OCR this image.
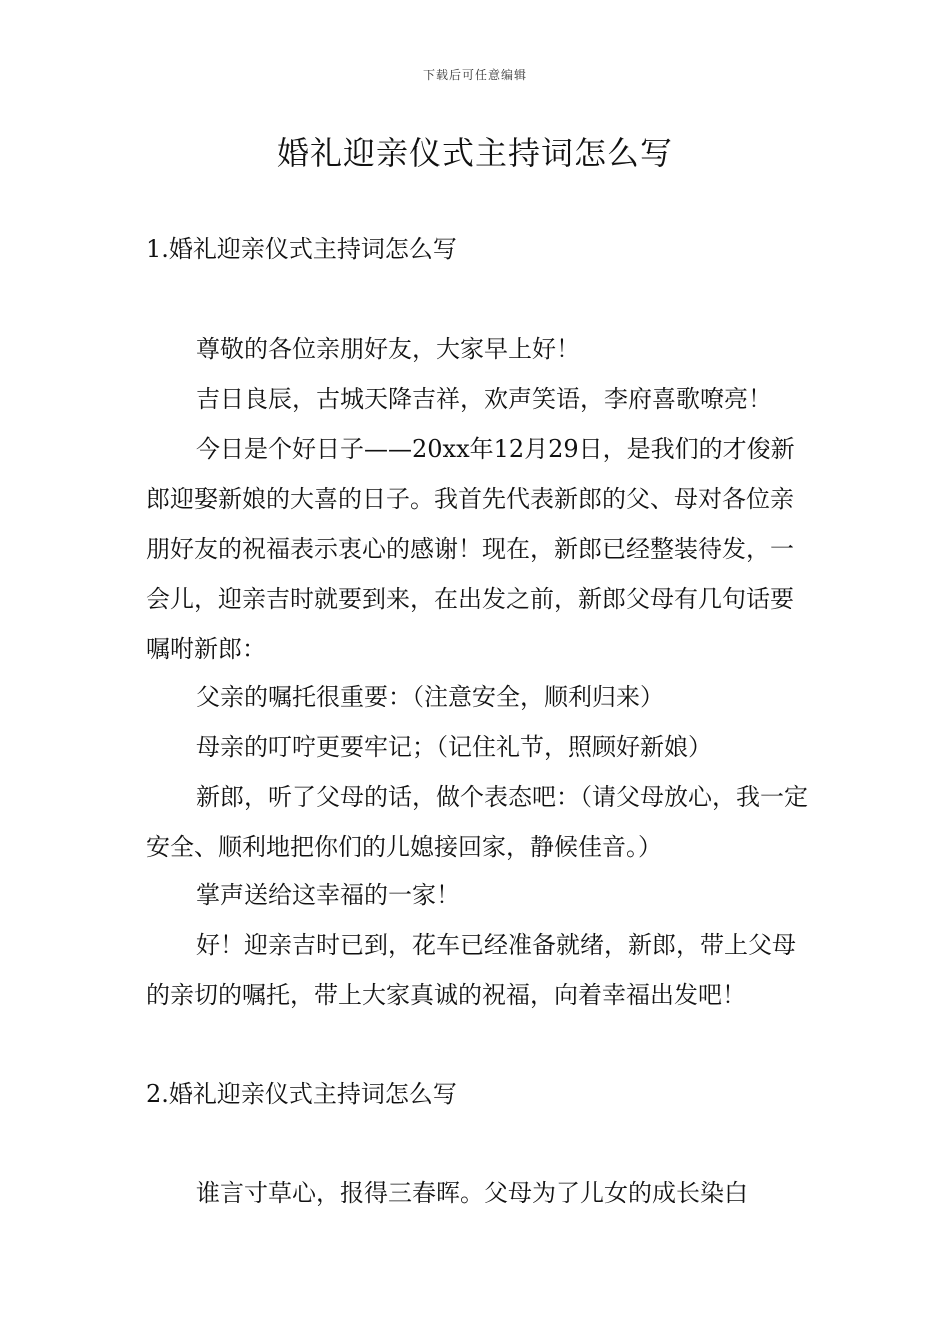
下载后可任意编辑
婚礼迎亲仪式主持词怎么写
1.婚礼迎亲仪式主持词怎么写

尊敬的各位亲朋好友，大家早上好！

吉日良辰，古城天降吉祥，欢声笑语，李府喜歌嘹亮！

今日是个好日子——20xx年12月29日，是我们的才俊新郎迎娶新娘的大喜的日子。我首先代表新郎的父、母对各位亲朋好友的祝福表示衷心的感谢！现在，新郎已经整装待发，一会儿，迎亲吉时就要到来，在出发之前，新郎父母有几句话要嘱咐新郎：

父亲的嘱托很重要：（注意安全，顺利归来）

母亲的叮咛更要牢记；（记住礼节，照顾好新娘）

新郎，听了父母的话，做个表态吧：（请父母放心，我一定安全、顺利地把你们的儿媳接回家，静候佳音。）

掌声送给这幸福的一家！

好！迎亲吉时已到，花车已经准备就绪，新郎，带上父母的亲切的嘱托，带上大家真诚的祝福，向着幸福出发吧！

2.婚礼迎亲仪式主持词怎么写

谁言寸草心，报得三春晖。父母为了儿女的成长染白
